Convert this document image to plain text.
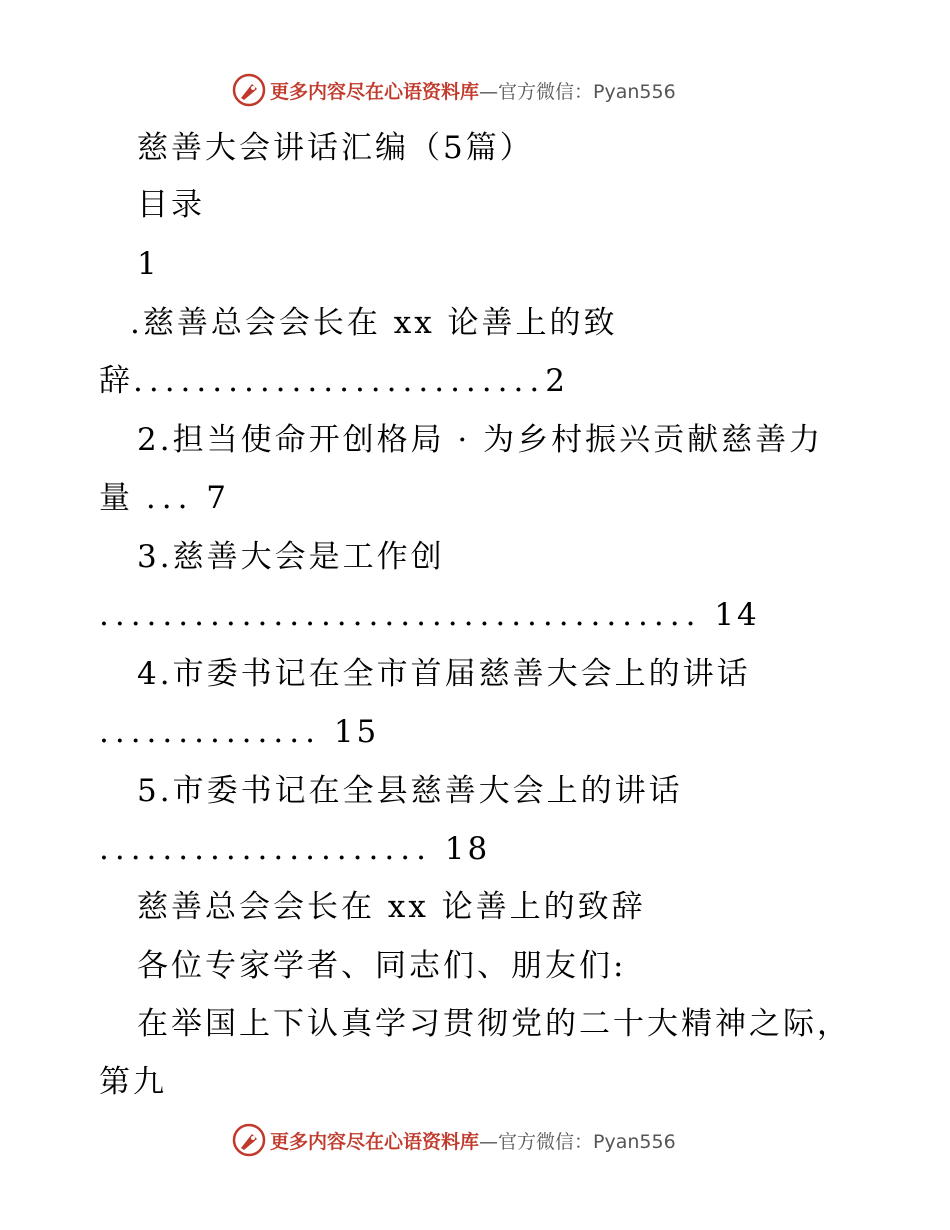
更多内容尽在心语资料库 —官方微信：Pyan556
慈善大会讲话汇编（5篇）
目录
1
.慈善总会会长在 xx 论善上的致
辞..........................2
2.担当使命开创格局 · 为乡村振兴贡献慈善力
量 ... 7
3.慈善大会是工作创
...................................... 14
4.市委书记在全市首届慈善大会上的讲话
.............. 15
5.市委书记在全县慈善大会上的讲话
..................... 18
慈善总会会长在 xx 论善上的致辞
各位专家学者、同志们、朋友们:
在举国上下认真学习贯彻党的二十大精神之际，
第九
更多内容尽在心语资料库 —官方微信：Pyan556
